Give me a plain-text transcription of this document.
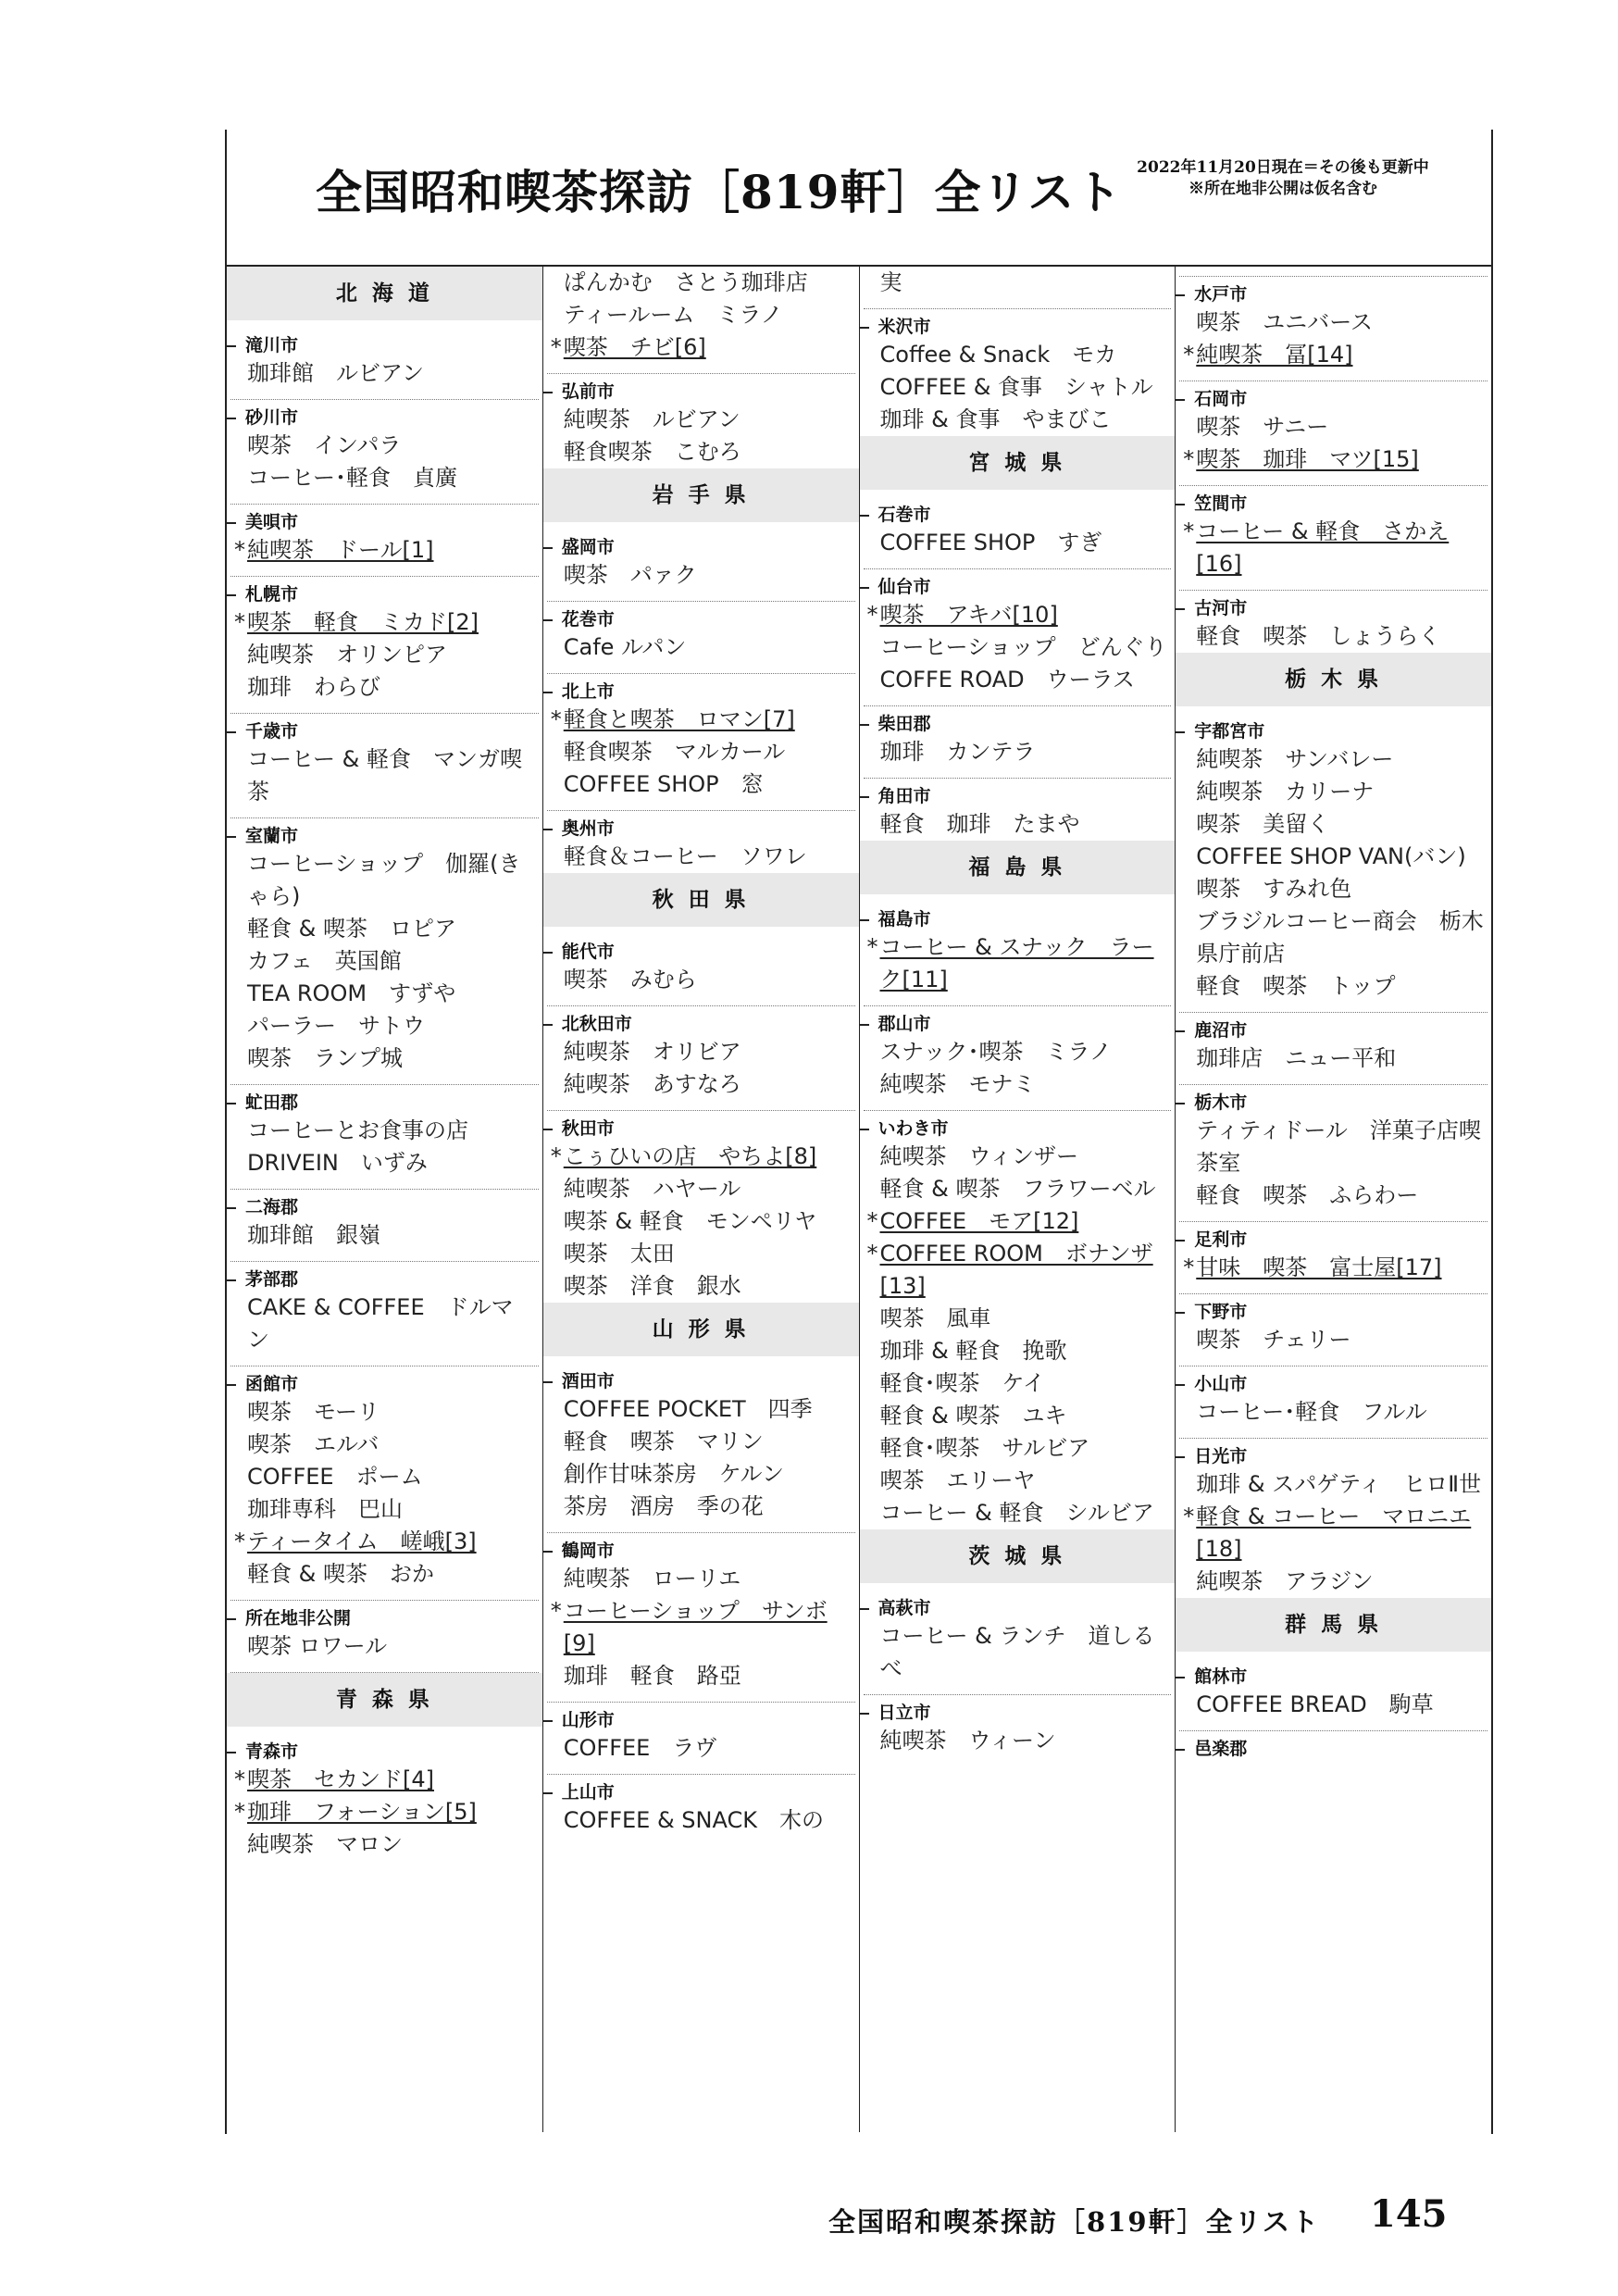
全国昭和喫茶探訪［819軒］全リスト 2022年11月20日現在＝その後も更新中
※所在地非公開は仮名含む
北 海 道
滝川市
珈琲館　ルビアン
砂川市
喫茶　インパラ
コーヒー･軽食　貞廣
美唄市
* 純喫茶　ドール[1]
札幌市
* 喫茶　軽食　ミカド[2]
純喫茶　オリンピア
珈琲　わらび
千歳市
コーヒー & 軽食　マンガ喫茶
室蘭市
コーヒーショップ　伽羅(きゃら)
軽食 & 喫茶　ロピア
カフェ　英国館
TEA ROOM　すずや
パーラー　サトウ
喫茶　ランプ城
虻田郡
コーヒーとお食事の店 DRIVEIN　いずみ
二海郡
珈琲館　銀嶺
茅部郡
CAKE & COFFEE　ドルマン
函館市
喫茶　モーリ
喫茶　エルバ
COFFEE　ポーム
珈琲専科　巴山
* ティータイム　嵯峨[3]
軽食 & 喫茶　おか
所在地非公開
喫茶 ロワール
青 森 県
青森市
* 喫茶　セカンド[4]
* 珈琲　フォーション[5]
純喫茶　マロン
ぱんかむ　さとう珈琲店
ティールーム　ミラノ
* 喫茶　チビ[6]
弘前市
純喫茶　ルビアン
軽食喫茶　こむろ
岩 手 県
盛岡市
喫茶　パァク
花巻市
Cafe ルパン
北上市
* 軽食と喫茶　ロマン[7]
軽食喫茶　マルカール
COFFEE SHOP　窓
奥州市
軽食＆コーヒー　ソワレ
秋 田 県
能代市
喫茶　みむら
北秋田市
純喫茶　オリビア
純喫茶　あすなろ
秋田市
* こぅひいの店　やちよ[8]
純喫茶　ハヤール
喫茶 & 軽食　モンペリヤ
喫茶　太田
喫茶　洋食　銀水
山 形 県
酒田市
COFFEE POCKET　四季
軽食　喫茶　マリン
創作甘味茶房　ケルン
茶房　酒房　季の花
鶴岡市
純喫茶　ローリエ
* コーヒーショップ　サンボ[9]
珈琲　軽食　路亞
山形市
COFFEE　ラヴ
上山市
COFFEE & SNACK　木の
実
米沢市
Coffee & Snack　モカ
COFFEE & 食事　シャトル
珈琲 & 食事　やまびこ
宮 城 県
石巻市
COFFEE SHOP　すぎ
仙台市
* 喫茶　アキバ[10]
コーヒーショップ　どんぐり
COFFE ROAD　ウーラス
柴田郡
珈琲　カンテラ
角田市
軽食　珈琲　たまや
福 島 県
福島市
* コーヒー & スナック　ラーク[11]
郡山市
スナック･喫茶　ミラノ
純喫茶　モナミ
いわき市
純喫茶　ウィンザー
軽食 & 喫茶　フラワーベル
* COFFEE　モア[12]
* COFFEE ROOM　ボナンザ[13]
喫茶　風車
珈琲 & 軽食　挽歌
軽食･喫茶　ケイ
軽食 & 喫茶　ユキ
軽食･喫茶　サルビア
喫茶　エリーヤ
コーヒー & 軽食　シルビア
茨 城 県
高萩市
コーヒー & ランチ　道しるべ
日立市
純喫茶　ウィーン
水戸市
喫茶　ユニバース
* 純喫茶　冨[14]
石岡市
喫茶　サニー
* 喫茶　珈琲　マツ[15]
笠間市
* コーヒー & 軽食　さかえ[16]
古河市
軽食　喫茶　しょうらく
栃 木 県
宇都宮市
純喫茶　サンバレー
純喫茶　カリーナ
喫茶　美留く
COFFEE SHOP VAN(バン)
喫茶　すみれ色
ブラジルコーヒー商会　栃木県庁前店
軽食　喫茶　トップ
鹿沼市
珈琲店　ニュー平和
栃木市
ティティドール　洋菓子店喫茶室
軽食　喫茶　ふらわー
足利市
* 甘味　喫茶　富士屋[17]
下野市
喫茶　チェリー
小山市
コーヒー･軽食　フルル
日光市
珈琲 & スパゲティ　ヒロⅡ世
* 軽食 & コーヒー　マロニエ[18]
純喫茶　アラジン
群 馬 県
館林市
COFFEE BREAD　駒草
邑楽郡
全国昭和喫茶探訪［819軒］全リスト 145
